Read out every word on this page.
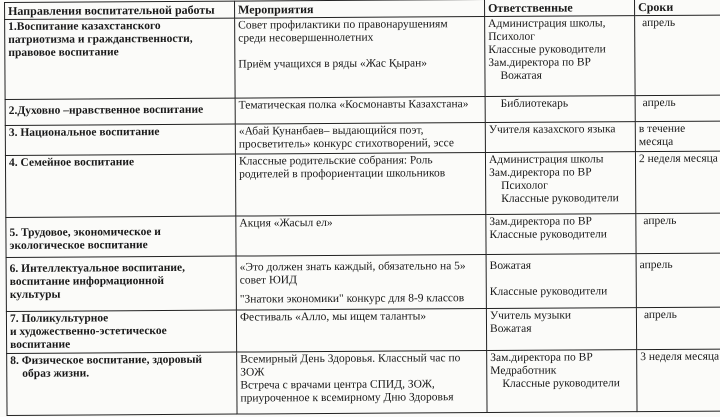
Направления воспитательной работы	Мероприятия	Ответственные	Сроки

1.Воспитание казахстанского
патриотизма и гражданственности,
правовое воспитание	Совет профилактики по правонарушениям
среди несовершеннолетних
Приём учащихся в ряды «Жас Қыран»	Администрация школы,
Психолог
Классные руководители
Зам.директора по ВР
Вожатая	апрель

2.Духовно –нравственное воспитание	Тематическая полка «Космонавты Казахстана»	Библиотекарь	апрель

3. Национальное воспитание	«Абай Кунанбаев– выдающийся поэт,
просветитель» конкурс стихотворений, эссе	Учителя казахского языка	в течение месяца

4. Семейное воспитание	Классные родительские собрания: Роль
родителей в профориентации школьников	Администрация школы
Зам.директора по ВР
Психолог
Классные руководители	2 неделя месяца

5. Трудовое, экономическое и
экологическое воспитание	Акция «Жасыл ел»	Зам.директора по ВР
Классные руководители	апрель

6. Интеллектуальное воспитание,
воспитание информационной
культуры	«Это должен знать каждый, обязательно на 5»
совет ЮИД
"Знатоки экономики" конкурс для 8-9 классов	Вожатая
Классные руководители	апрель

7. Поликультурное
и художественно-эстетическое
воспитание	Фестиваль «Алло, мы ищем таланты»	Учитель музыки
Вожатая	апрель

8. Физическое воспитание, здоровый
образ жизни.	Всемирный День Здоровья. Классный час по
ЗОЖ
Встреча с врачами центра СПИД, ЗОЖ,
приуроченное к всемирному Дню Здоровья	Зам.директора по ВР
Медработник
Классные руководители	3 неделя месяца
